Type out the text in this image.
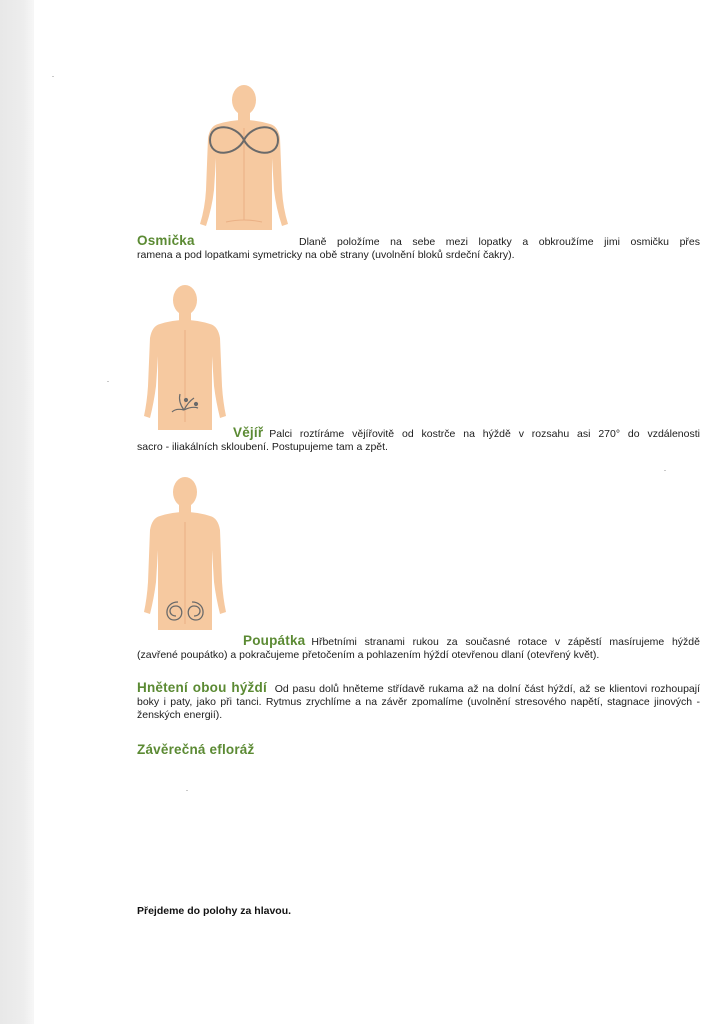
Osmička	Dlaně položíme na sebe mezi lopatky a obkroužíme jimi osmičku přes
ramena a pod lopatkami symetricky na obě strany (uvolnění bloků srdeční čakry).
Vějíř Palci roztíráme vějířovitě od kostrče na hýždě v rozsahu asi 270° do vzdálenosti
sacro - iliakálních skloubení. Postupujeme tam a zpět.
Poupátka Hřbetními stranami rukou za současné rotace v zápěstí masírujeme hýždě
(zavřené poupátko) a pokračujeme přetočením a pohlazením hýždí otevřenou dlaní (otevřený květ).
Hnětení obou hýždí Od pasu dolů hněteme střídavě rukama až na dolní část hýždí, až se klientovi rozhoupají boky i paty, jako při tanci. Rytmus zrychlíme a na závěr zpomalíme (uvolnění stresového napětí, stagnace jinových - ženských energií).
Závěrečná efloráž
Přejdeme do polohy za hlavou.
